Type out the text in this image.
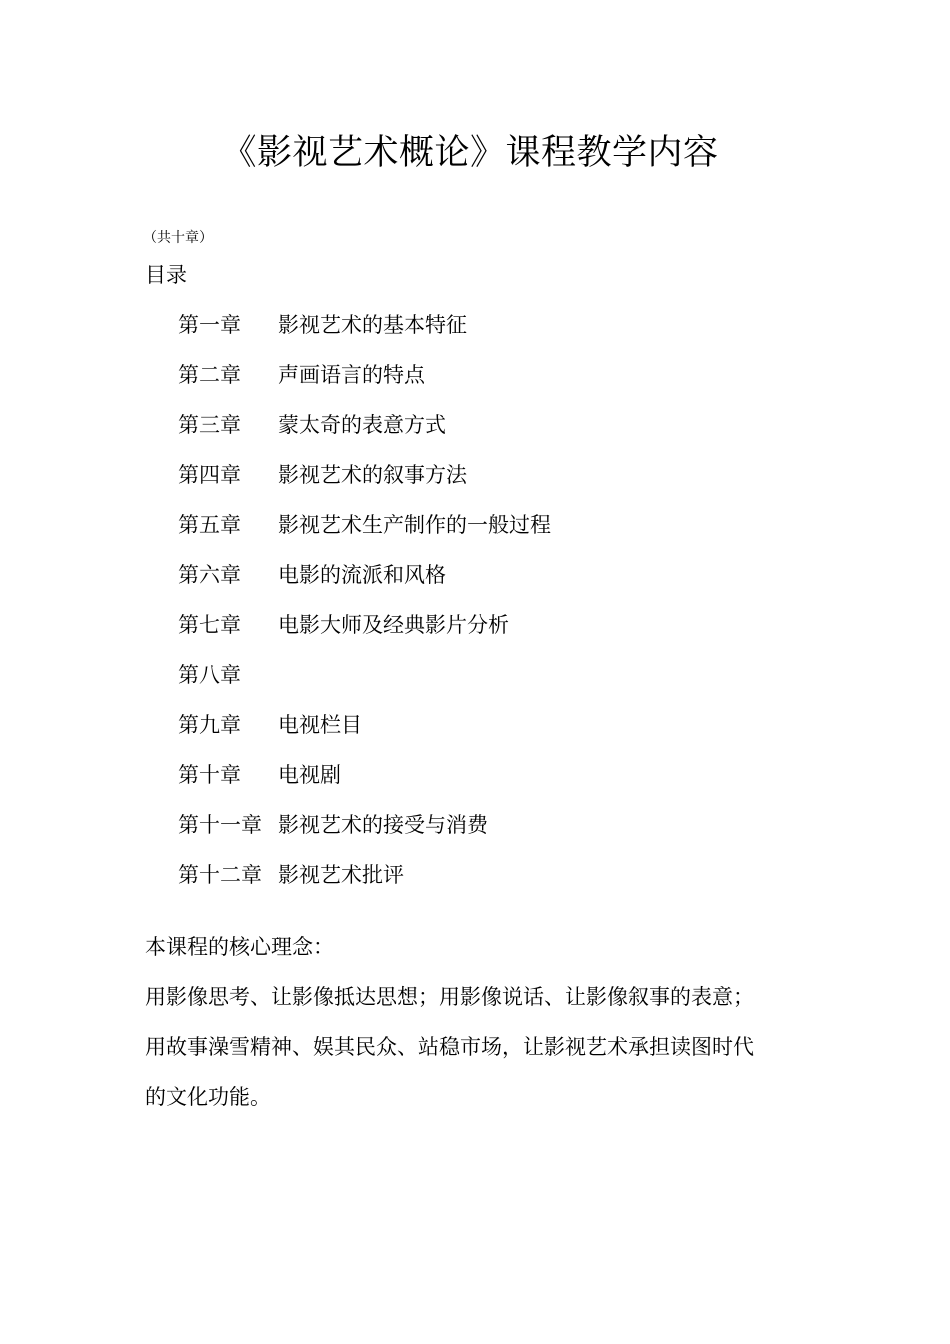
《影视艺术概论》课程教学内容
（共十章）
目录
第一章	影视艺术的基本特征
第二章	声画语言的特点
第三章	蒙太奇的表意方式
第四章	影视艺术的叙事方法
第五章	影视艺术生产制作的一般过程
第六章	电影的流派和风格
第七章	电影大师及经典影片分析
第八章
第九章	电视栏目
第十章	电视剧
第十一章 影视艺术的接受与消费
第十二章 影视艺术批评

本课程的核心理念：

用影像思考、让影像抵达思想；用影像说话、让影像叙事的表意；

用故事澡雪精神、娱其民众、站稳市场，让影视艺术承担读图时代

的文化功能。
